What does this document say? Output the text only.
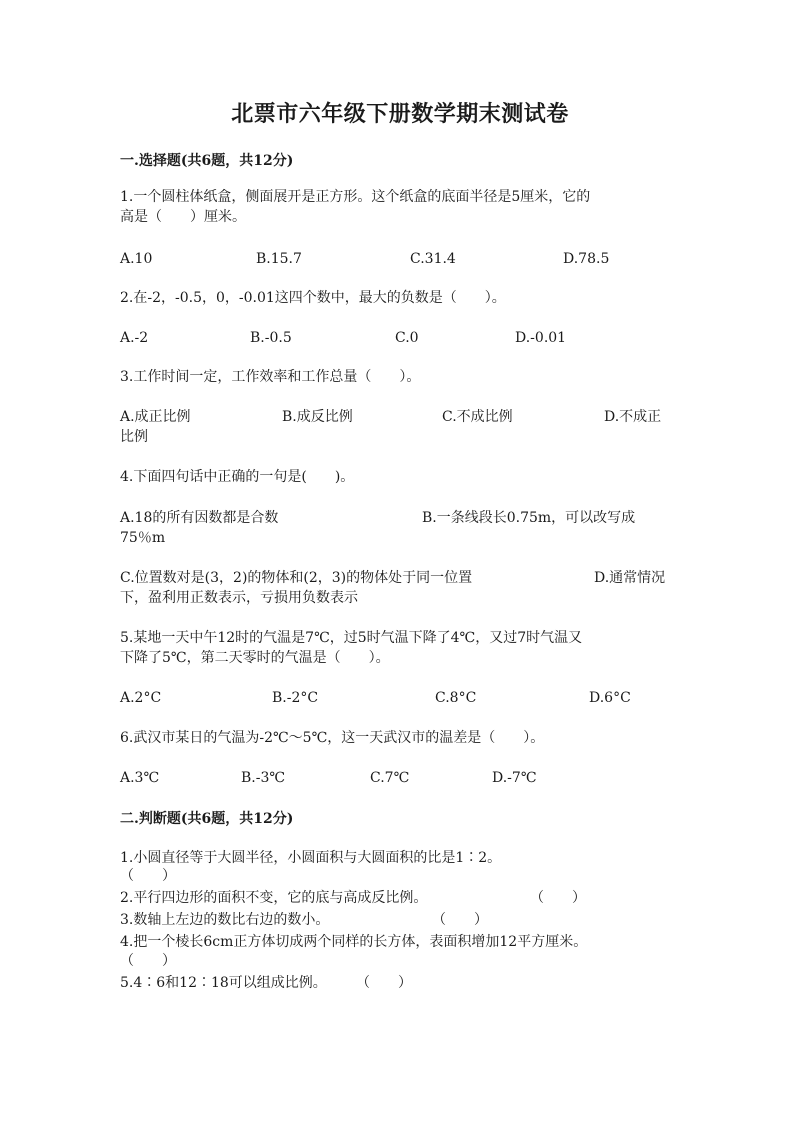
北票市六年级下册数学期末测试卷
一.选择题(共6题，共12分)
1.一个圆柱体纸盒，侧面展开是正方形。这个纸盒的底面半径是5厘米，它的
高是（　　）厘米。
A.10	B.15.7	C.31.4	D.78.5
2.在-2，-0.5，0，-0.01这四个数中，最大的负数是（　　）。
A.-2	B.-0.5	C.0	D.-0.01
3.工作时间一定，工作效率和工作总量（　　）。
A.成正比例	B.成反比例	C.不成比例	D.不成正
比例
4.下面四句话中正确的一句是(　　)。
A.18的所有因数都是合数	B.一条线段长0.75m，可以改写成
75％m
C.位置数对是(3，2)的物体和(2，3)的物体处于同一位置	D.通常情况
下，盈利用正数表示，亏损用负数表示
5.某地一天中午12时的气温是7℃，过5时气温下降了4℃，又过7时气温又
下降了5℃，第二天零时的气温是（　　）。
A.2°C	B.-2°C	C.8°C	D.6°C
6.武汉市某日的气温为-2℃～5℃，这一天武汉市的温差是（　　）。
A.3℃	B.-3℃	C.7℃	D.-7℃
二.判断题(共6题，共12分)
1.小圆直径等于大圆半径，小圆面积与大圆面积的比是1∶2。
（　　）
2.平行四边形的面积不变，它的底与高成反比例。	（　　）
3.数轴上左边的数比右边的数小。	（　　）
4.把一个棱长6cm正方体切成两个同样的长方体，表面积增加12平方厘米。
（　　）
5.4∶6和12∶18可以组成比例。	（　　）
